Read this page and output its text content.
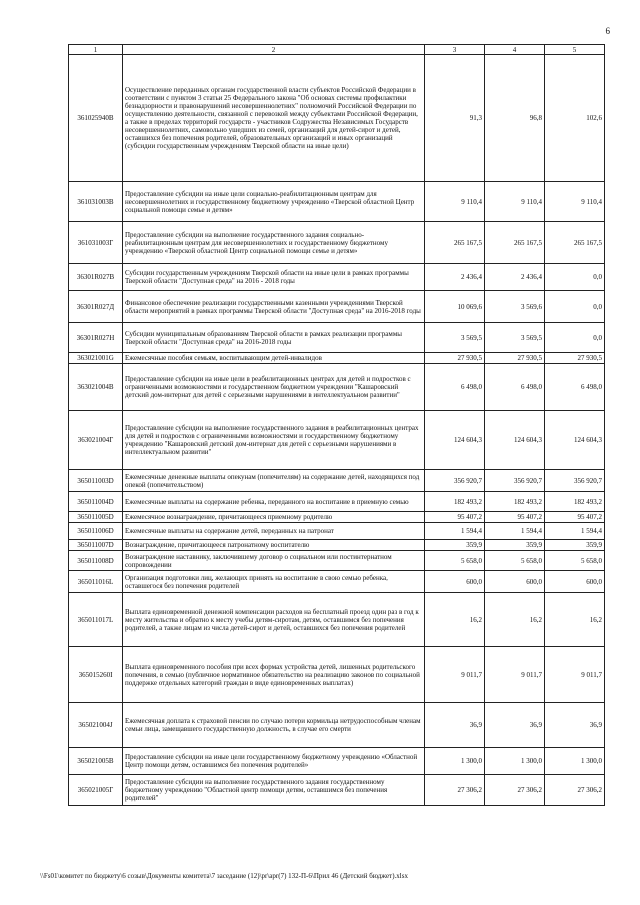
6
1	2	3	4	5
361025940В	Осуществление переданных органам государственной власти субъектов Российской Федерации в соответствии с пунктом 3 статьи 25 Федерального закона "Об основах системы профилактики безнадзорности и правонарушений несовершеннолетних" полномочий Российской Федерации по осуществлению деятельности, связанной с перевозкой между субъектами Российской Федерации, а также в пределах территорий государств - участников Содружества Независимых Государств несовершеннолетних, самовольно ушедших из семей, организаций для детей-сирот и детей, оставшихся без попечения родителей, образовательных организаций и иных организаций (субсидии государственным учреждениям Тверской области на иные цели)	91,3	96,8	102,6
361031003В	Предоставление субсидии на иные цели социально-реабилитационным центрам для несовершеннолетних и государственному бюджетному учреждению «Тверской областной Центр социальной помощи семье и детям»	9 110,4	9 110,4	9 110,4
361031003Г	Предоставление субсидии на выполнение государственного задания социально-реабилитационным центрам для несовершеннолетних и государственному бюджетному учреждению «Тверской областной Центр социальной помощи семье и детям»	265 167,5	265 167,5	265 167,5
36301R027В	Субсидии государственным учреждениям Тверской области на иные цели в рамках программы Тверской области "Доступная среда" на 2016 - 2018 годы	2 436,4	2 436,4	0,0
36301R027Д	Финансовое обеспечение реализации государственными казенными учреждениями Тверской области мероприятий в рамках программы Тверской области "Доступная среда" на 2016-2018 годы	10 069,6	3 569,6	0,0
36301R027Н	Субсидии муниципальным образованиям Тверской области в рамках реализации программы Тверской области "Доступная среда" на 2016-2018 годы	3 569,5	3 569,5	0,0
363021001G	Ежемесячные пособия семьям, воспитывающим детей-инвалидов	27 930,5	27 930,5	27 930,5
363021004В	Предоставление субсидии на иные цели в реабилитационных центрах для детей и подростков с ограниченными возможностями и государственном бюджетном учреждении "Кашаровский детский дом-интернат для детей с серьезными нарушениями в интеллектуальном развитии"	6 498,0	6 498,0	6 498,0
363021004Г	Предоставление субсидии на выполнение государственного задания в реабилитационных центрах для детей и подростков с ограниченными возможностями и государственному бюджетному учреждению "Кашаровский детский дом-интернат для детей с серьезными нарушениями в интеллектуальном развитии"	124 604,3	124 604,3	124 604,3
365011003D	Ежемесячные денежные выплаты опекунам (попечителям) на содержание детей, находящихся под опекой (попечительством)	356 920,7	356 920,7	356 920,7
365011004D	Ежемесячные выплаты на содержание ребенка, переданного на воспитание в приемную семью	182 493,2	182 493,2	182 493,2
365011005D	Ежемесячное вознаграждение, причитающееся приемному родителю	95 407,2	95 407,2	95 407,2
365011006D	Ежемесячные выплаты на содержание детей, переданных на патронат	1 594,4	1 594,4	1 594,4
365011007D	Вознаграждение, причитающееся патронатному воспитателю	359,9	359,9	359,9
365011008D	Вознаграждение наставнику, заключившему договор о социальном или постинтернатном сопровождении	5 658,0	5 658,0	5 658,0
365011016L	Организация подготовки лиц, желающих принять на воспитание в свою семью ребенка, оставшегося без попечения родителей	600,0	600,0	600,0
365011017L	Выплата единовременной денежной компенсации расходов на бесплатный проезд один раз в год к месту жительства и обратно к месту учебы детям-сиротам, детям, оставшимся без попечения родителей, а также лицам из числа детей-сирот и детей, оставшихся без попечения родителей	16,2	16,2	16,2
365015260I	Выплата единовременного пособия при всех формах устройства детей, лишенных родительского попечения, в семью (публичное нормативное обязательство на реализацию законов по социальной поддержке отдельных категорий граждан в виде единовременных выплатах)	9 011,7	9 011,7	9 011,7
365021004J	Ежемесячная доплата к страховой пенсии по случаю потери кормильца нетрудоспособным членам семьи лица, замещавшего государственную должность, в случае его смерти	36,9	36,9	36,9
365021005В	Предоставление субсидии на иные цели государственному бюджетному учреждению «Областной Центр помощи детям, оставшимся без попечения родителей»	1 300,0	1 300,0	1 300,0
365021005Г	Предоставление субсидии на выполнение государственного задания государственному бюджетному учреждению "Областной центр помощи детям, оставшимся без попечения родителей"	27 306,2	27 306,2	27 306,2
\\Fs01\комитет по бюджету\6 созыв\Документы комитета\7 заседание (12)\pr\apr(7) 132-П-6\Прил 46 (Детский бюджет).xlsx
